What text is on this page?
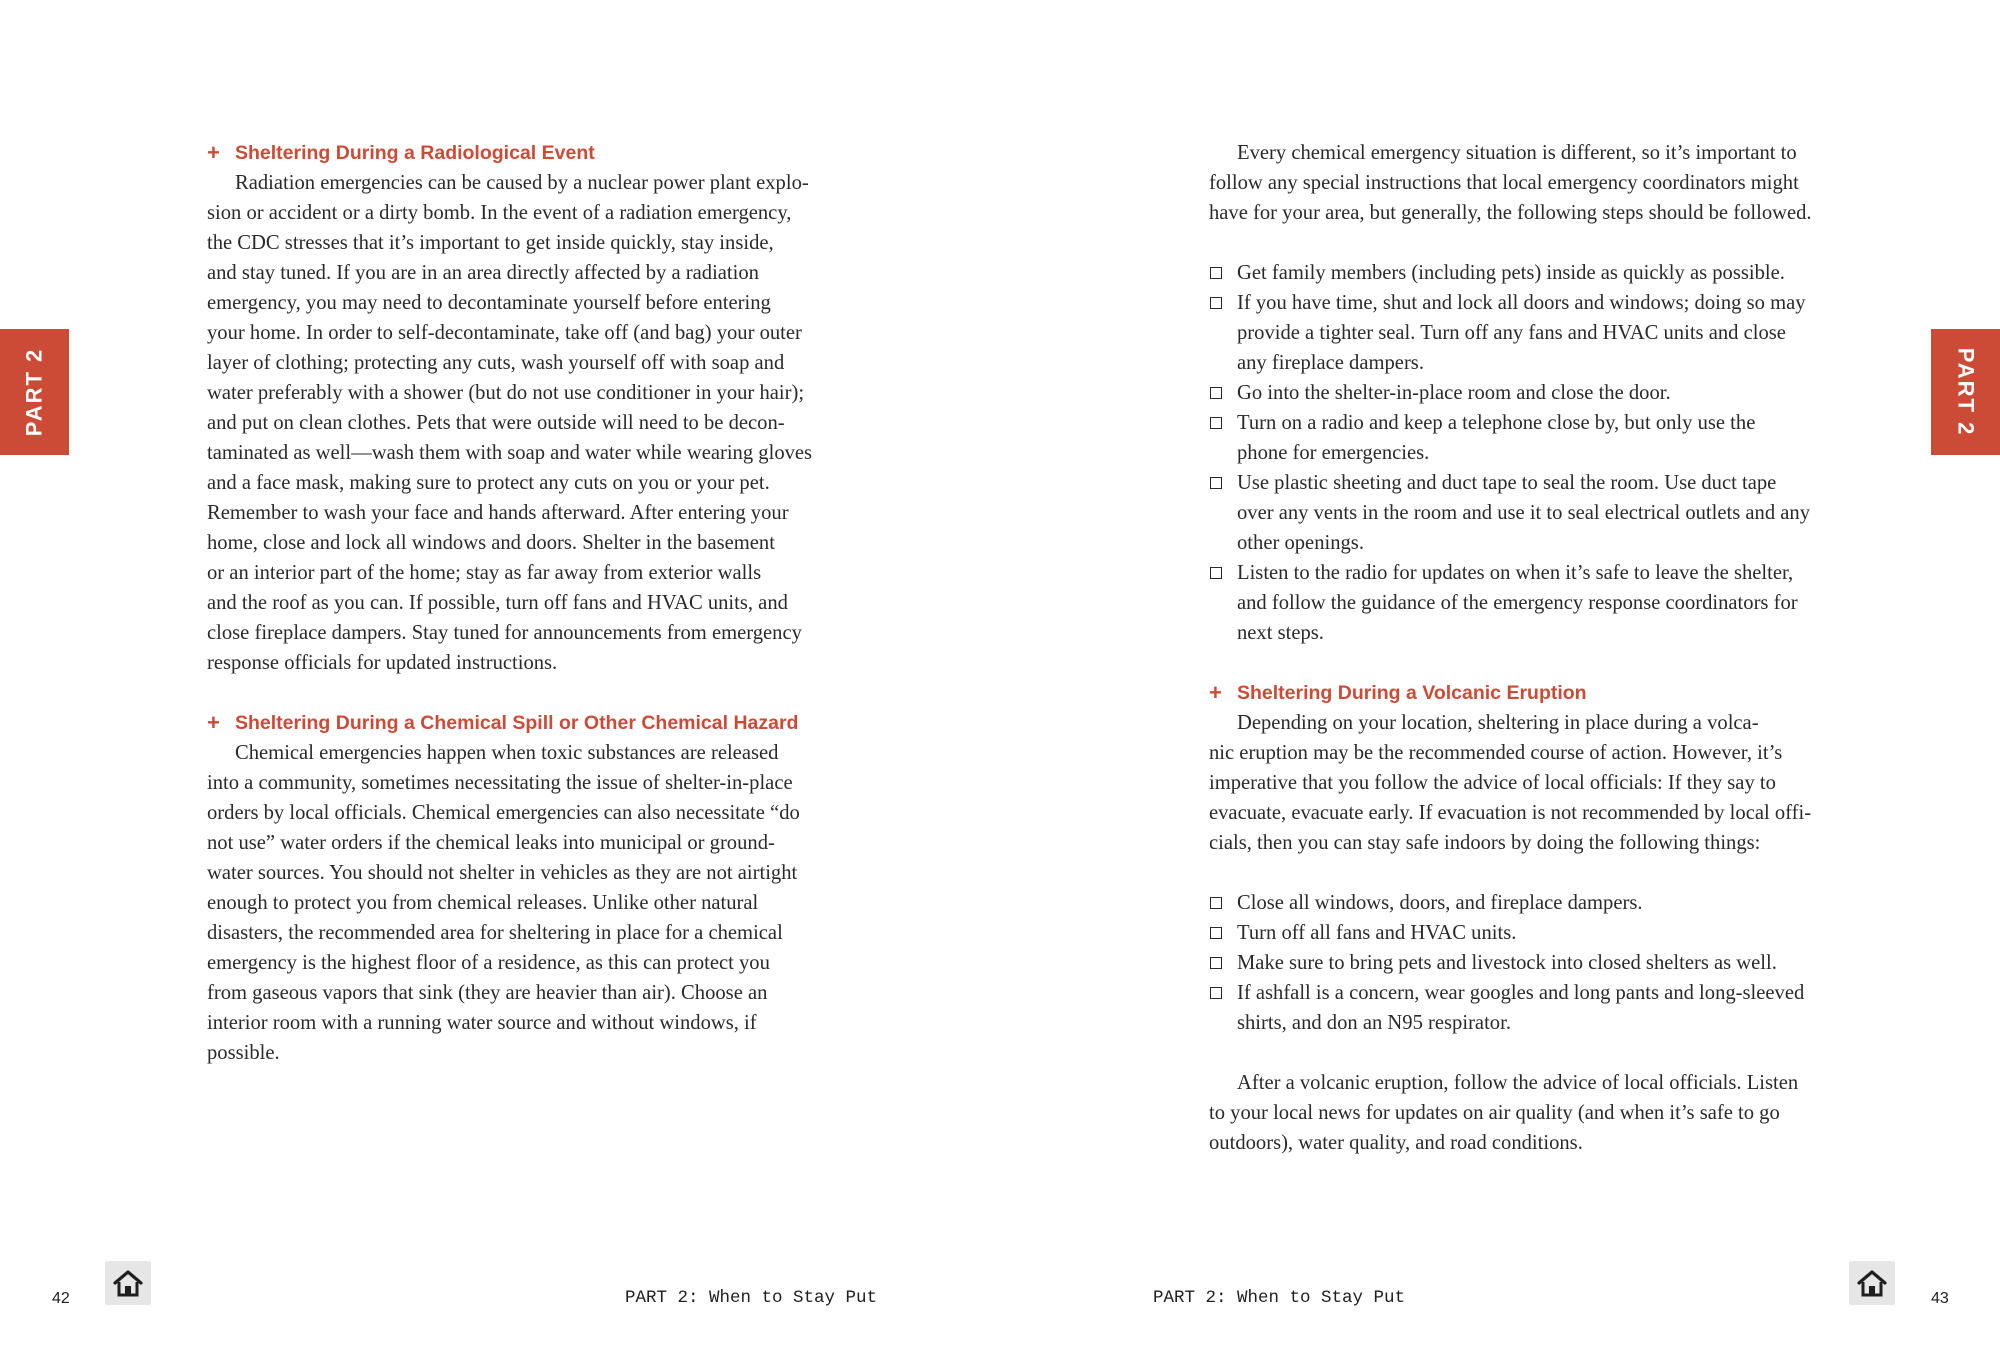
PART 2
+ Sheltering During a Radiological Event
Radiation emergencies can be caused by a nuclear power plant explo-
sion or accident or a dirty bomb. In the event of a radiation emergency,
the CDC stresses that it’s important to get inside quickly, stay inside,
and stay tuned. If you are in an area directly affected by a radiation
emergency, you may need to decontaminate yourself before entering
your home. In order to self-decontaminate, take off (and bag) your outer
layer of clothing; protecting any cuts, wash yourself off with soap and
water preferably with a shower (but do not use conditioner in your hair);
and put on clean clothes. Pets that were outside will need to be decon-
taminated as well—wash them with soap and water while wearing gloves
and a face mask, making sure to protect any cuts on you or your pet.
Remember to wash your face and hands afterward. After entering your
home, close and lock all windows and doors. Shelter in the basement
or an interior part of the home; stay as far away from exterior walls
and the roof as you can. If possible, turn off fans and HVAC units, and
close fireplace dampers. Stay tuned for announcements from emergency
response officials for updated instructions.
+ Sheltering During a Chemical Spill or Other Chemical Hazard
Chemical emergencies happen when toxic substances are released
into a community, sometimes necessitating the issue of shelter-in-place
orders by local officials. Chemical emergencies can also necessitate “do
not use” water orders if the chemical leaks into municipal or ground-
water sources. You should not shelter in vehicles as they are not airtight
enough to protect you from chemical releases. Unlike other natural
disasters, the recommended area for sheltering in place for a chemical
emergency is the highest floor of a residence, as this can protect you
from gaseous vapors that sink (they are heavier than air). Choose an
interior room with a running water source and without windows, if
possible.
42	PART 2: When to Stay Put
PART 2
Every chemical emergency situation is different, so it’s important to
follow any special instructions that local emergency coordinators might
have for your area, but generally, the following steps should be followed.
Get family members (including pets) inside as quickly as possible.
If you have time, shut and lock all doors and windows; doing so may
provide a tighter seal. Turn off any fans and HVAC units and close
any fireplace dampers.
Go into the shelter-in-place room and close the door.
Turn on a radio and keep a telephone close by, but only use the
phone for emergencies.
Use plastic sheeting and duct tape to seal the room. Use duct tape
over any vents in the room and use it to seal electrical outlets and any
other openings.
Listen to the radio for updates on when it’s safe to leave the shelter,
and follow the guidance of the emergency response coordinators for
next steps.
+ Sheltering During a Volcanic Eruption
Depending on your location, sheltering in place during a volca-
nic eruption may be the recommended course of action. However, it’s
imperative that you follow the advice of local officials: If they say to
evacuate, evacuate early. If evacuation is not recommended by local offi-
cials, then you can stay safe indoors by doing the following things:
Close all windows, doors, and fireplace dampers.
Turn off all fans and HVAC units.
Make sure to bring pets and livestock into closed shelters as well.
If ashfall is a concern, wear googles and long pants and long-sleeved
shirts, and don an N95 respirator.
After a volcanic eruption, follow the advice of local officials. Listen
to your local news for updates on air quality (and when it’s safe to go
outdoors), water quality, and road conditions.
PART 2: When to Stay Put	43
